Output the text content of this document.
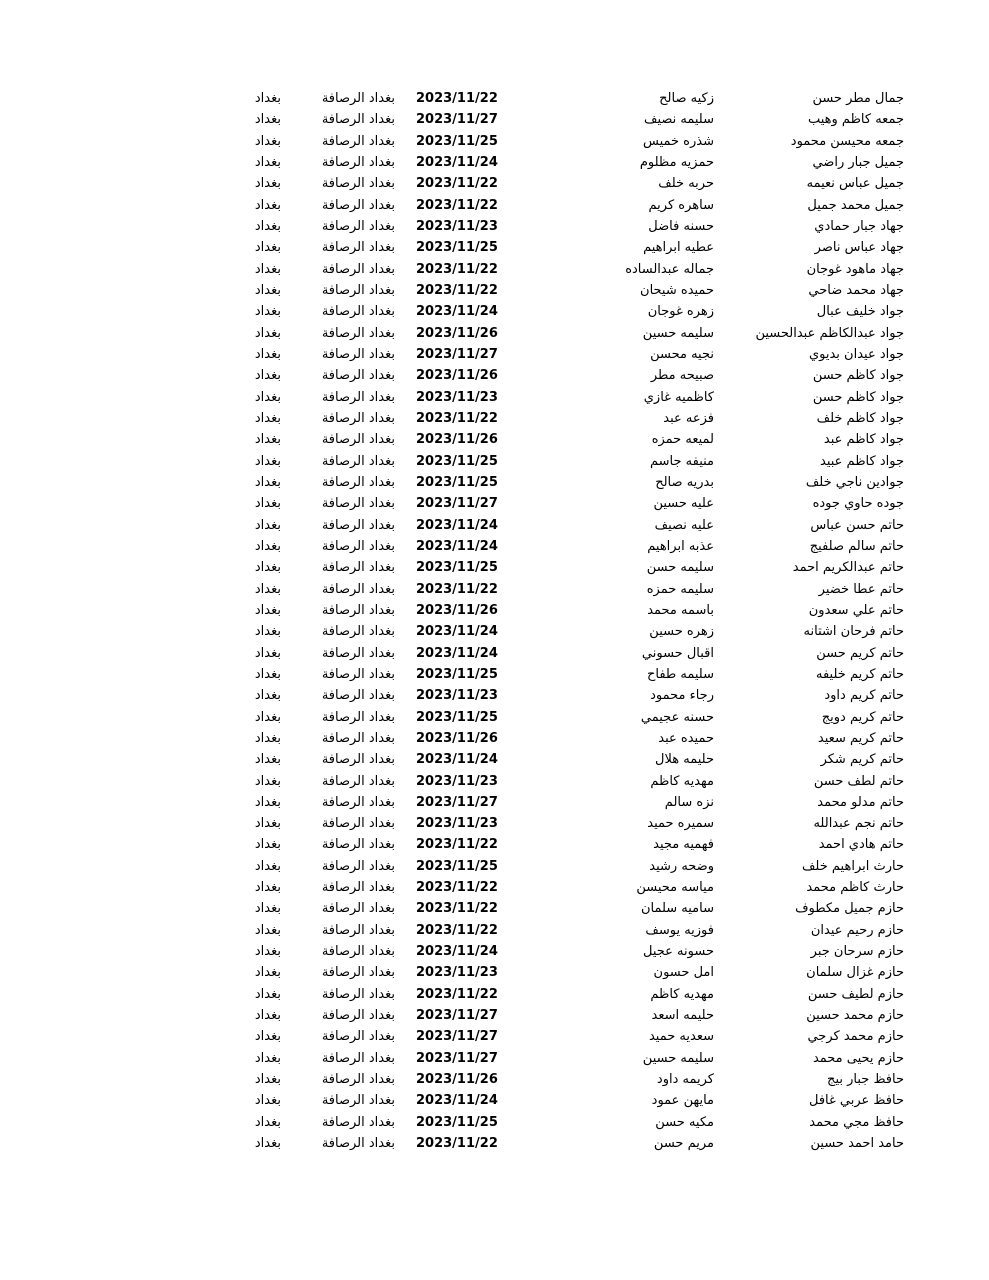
جمال مطر حسن
زكيه صالح
2023/11/22
بغداد الرصافة
بغداد
جمعه كاظم وهيب
سليمه نصيف
2023/11/27
بغداد الرصافة
بغداد
جمعه محيسن محمود
شذره خميس
2023/11/25
بغداد الرصافة
بغداد
جميل جبار راضي
حمزيه مظلوم
2023/11/24
بغداد الرصافة
بغداد
جميل عباس نعيمه
حربه خلف
2023/11/22
بغداد الرصافة
بغداد
جميل محمد جميل
ساهره كريم
2023/11/22
بغداد الرصافة
بغداد
جهاد جبار حمادي
حسنه فاضل
2023/11/23
بغداد الرصافة
بغداد
جهاد عباس ناصر
عطيه ابراهيم
2023/11/25
بغداد الرصافة
بغداد
جهاد ماهود غوجان
جماله عبدالساده
2023/11/22
بغداد الرصافة
بغداد
جهاد محمد ضاحي
حميده شيحان
2023/11/22
بغداد الرصافة
بغداد
جواد خليف عبال
زهره غوجان
2023/11/24
بغداد الرصافة
بغداد
جواد عبدالكاظم عبدالحسين
سليمه حسين
2023/11/26
بغداد الرصافة
بغداد
جواد عيدان بديوي
نجيه محسن
2023/11/27
بغداد الرصافة
بغداد
جواد كاظم حسن
صبيحه مطر
2023/11/26
بغداد الرصافة
بغداد
جواد كاظم حسن
كاظميه غازي
2023/11/23
بغداد الرصافة
بغداد
جواد كاظم خلف
فزعه عبد
2023/11/22
بغداد الرصافة
بغداد
جواد كاظم عبد
لميعه حمزه
2023/11/26
بغداد الرصافة
بغداد
جواد كاظم عبيد
منيفه جاسم
2023/11/25
بغداد الرصافة
بغداد
جوادين ناجي خلف
بدريه صالح
2023/11/25
بغداد الرصافة
بغداد
جوده حاوي جوده
عليه حسين
2023/11/27
بغداد الرصافة
بغداد
حاتم حسن عباس
عليه نصيف
2023/11/24
بغداد الرصافة
بغداد
حاتم سالم صلفيج
عذبه ابراهيم
2023/11/24
بغداد الرصافة
بغداد
حاتم عبدالكريم احمد
سليمه حسن
2023/11/25
بغداد الرصافة
بغداد
حاتم عطا خضير
سليمه حمزه
2023/11/22
بغداد الرصافة
بغداد
حاتم علي سعدون
باسمه محمد
2023/11/26
بغداد الرصافة
بغداد
حاتم فرحان اشتانه
زهره حسين
2023/11/24
بغداد الرصافة
بغداد
حاتم كريم حسن
اقبال حسوني
2023/11/24
بغداد الرصافة
بغداد
حاتم كريم خليفه
سليمه طفاح
2023/11/25
بغداد الرصافة
بغداد
حاتم كريم داود
رجاء محمود
2023/11/23
بغداد الرصافة
بغداد
حاتم كريم دويج
حسنه عجيمي
2023/11/25
بغداد الرصافة
بغداد
حاتم كريم سعيد
حميده عبد
2023/11/26
بغداد الرصافة
بغداد
حاتم كريم شكر
حليمه هلال
2023/11/24
بغداد الرصافة
بغداد
حاتم لطف حسن
مهديه كاظم
2023/11/23
بغداد الرصافة
بغداد
حاتم مدلو محمد
نزه سالم
2023/11/27
بغداد الرصافة
بغداد
حاتم نجم عبدالله
سميره حميد
2023/11/23
بغداد الرصافة
بغداد
حاتم هادي احمد
فهميه مجيد
2023/11/22
بغداد الرصافة
بغداد
حارث ابراهيم خلف
وضحه رشيد
2023/11/25
بغداد الرصافة
بغداد
حارث كاظم محمد
مياسه محيسن
2023/11/22
بغداد الرصافة
بغداد
حازم جميل مكطوف
ساميه سلمان
2023/11/22
بغداد الرصافة
بغداد
حازم رحيم عيدان
فوزيه يوسف
2023/11/22
بغداد الرصافة
بغداد
حازم سرحان جبر
حسونه عجيل
2023/11/24
بغداد الرصافة
بغداد
حازم غزال سلمان
امل حسون
2023/11/23
بغداد الرصافة
بغداد
حازم لطيف حسن
مهديه كاظم
2023/11/22
بغداد الرصافة
بغداد
حازم محمد حسين
حليمه اسعد
2023/11/27
بغداد الرصافة
بغداد
حازم محمد كرجي
سعديه حميد
2023/11/27
بغداد الرصافة
بغداد
حازم يحيى محمد
سليمه حسين
2023/11/27
بغداد الرصافة
بغداد
حافظ جبار بيج
كريمه داود
2023/11/26
بغداد الرصافة
بغداد
حافظ عربي غافل
مايهن عمود
2023/11/24
بغداد الرصافة
بغداد
حافظ مجي محمد
مكيه حسن
2023/11/25
بغداد الرصافة
بغداد
حامد احمد حسين
مريم حسن
2023/11/22
بغداد الرصافة
بغداد
